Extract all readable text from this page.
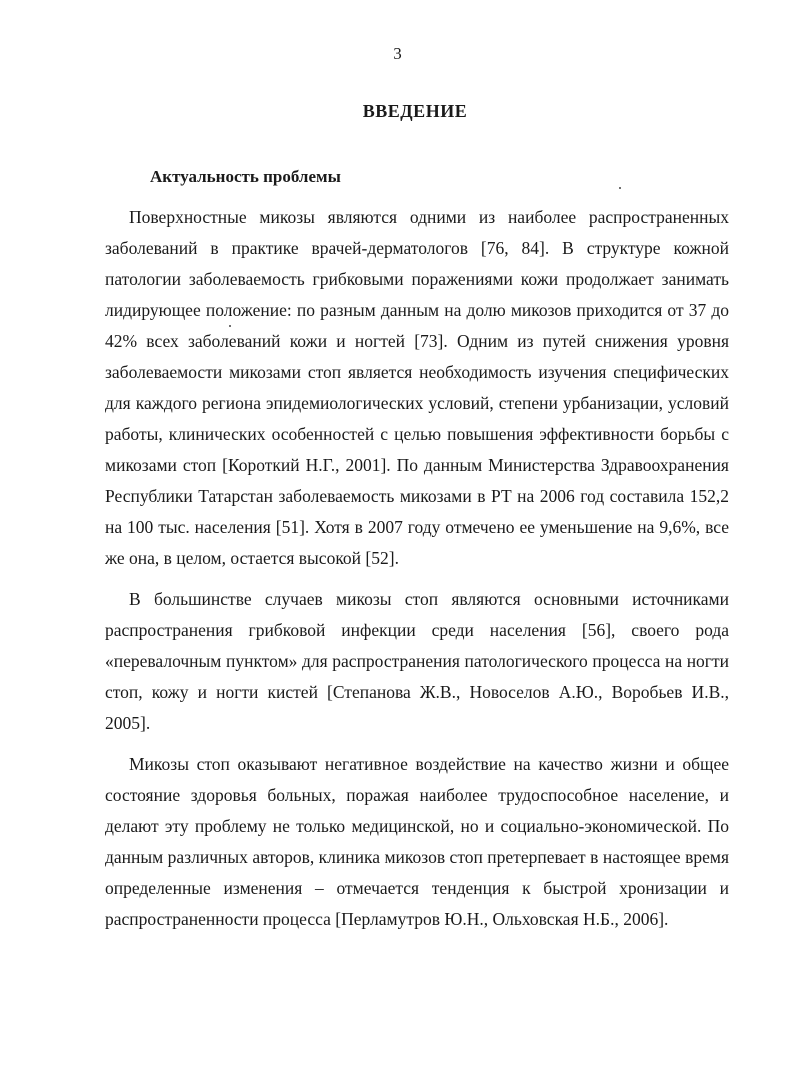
3
ВВЕДЕНИЕ
Актуальность проблемы

Поверхностные микозы являются одними из наиболее распространенных заболеваний в практике врачей-дерматологов [76, 84]. В структуре кожной патологии заболеваемость грибковыми поражениями кожи продолжает занимать лидирующее положение: по разным данным на долю микозов приходится от 37 до 42% всех заболеваний кожи и ногтей [73]. Одним из путей снижения уровня заболеваемости микозами стоп является необходимость изучения специфических для каждого региона эпидемиологических условий, степени урбанизации, условий работы, клинических особенностей с целью повышения эффективности борьбы с микозами стоп [Короткий Н.Г., 2001]. По данным Министерства Здравоохранения Республики Татарстан заболеваемость микозами в РТ на 2006 год составила 152,2 на 100 тыс. населения [51]. Хотя в 2007 году отмечено ее уменьшение на 9,6%, все же она, в целом, остается высокой [52].

В большинстве случаев микозы стоп являются основными источниками распространения грибковой инфекции среди населения [56], своего рода «перевалочным пунктом» для распространения патологического процесса на ногти стоп, кожу и ногти кистей [Степанова Ж.В., Новоселов А.Ю., Воробьев И.В., 2005].

Микозы стоп оказывают негативное воздействие на качество жизни и общее состояние здоровья больных, поражая наиболее трудоспособное население, и делают эту проблему не только медицинской, но и социально-экономической. По данным различных авторов, клиника микозов стоп претерпевает в настоящее время определенные изменения – отмечается тенденция к быстрой хронизации и распространенности процесса [Перламутров Ю.Н., Ольховская Н.Б., 2006].
